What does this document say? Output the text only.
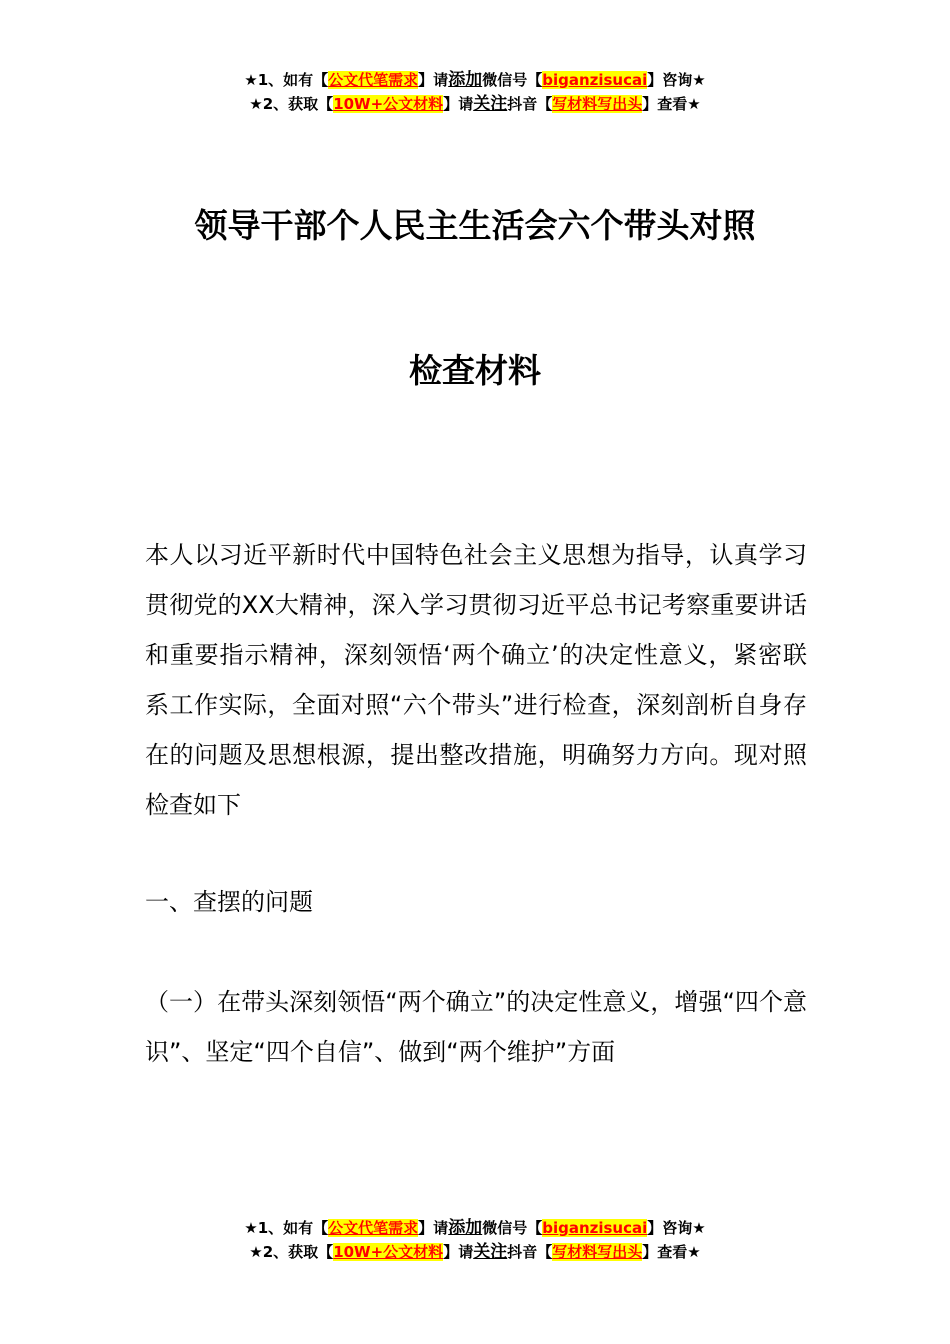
★1、如有【公文代笔需求】请添加微信号【biganzisucai】咨询★
★2、获取【10W+公文材料】请关注抖音【写材料写出头】查看★
领导干部个人民主生活会六个带头对照
检查材料
本人以习近平新时代中国特色社会主义思想为指导，认真学习贯彻党的XX大精神，深入学习贯彻习近平总书记考察重要讲话和重要指示精神，深刻领悟‘两个确立’的决定性意义，紧密联系工作实际，全面对照“六个带头”进行检查，深刻剖析自身存在的问题及思想根源，提出整改措施，明确努力方向。现对照检查如下
一、查摆的问题
（一）在带头深刻领悟“两个确立”的决定性意义，增强“四个意识”、坚定“四个自信”、做到“两个维护”方面
★1、如有【公文代笔需求】请添加微信号【biganzisucai】咨询★
★2、获取【10W+公文材料】请关注抖音【写材料写出头】查看★
